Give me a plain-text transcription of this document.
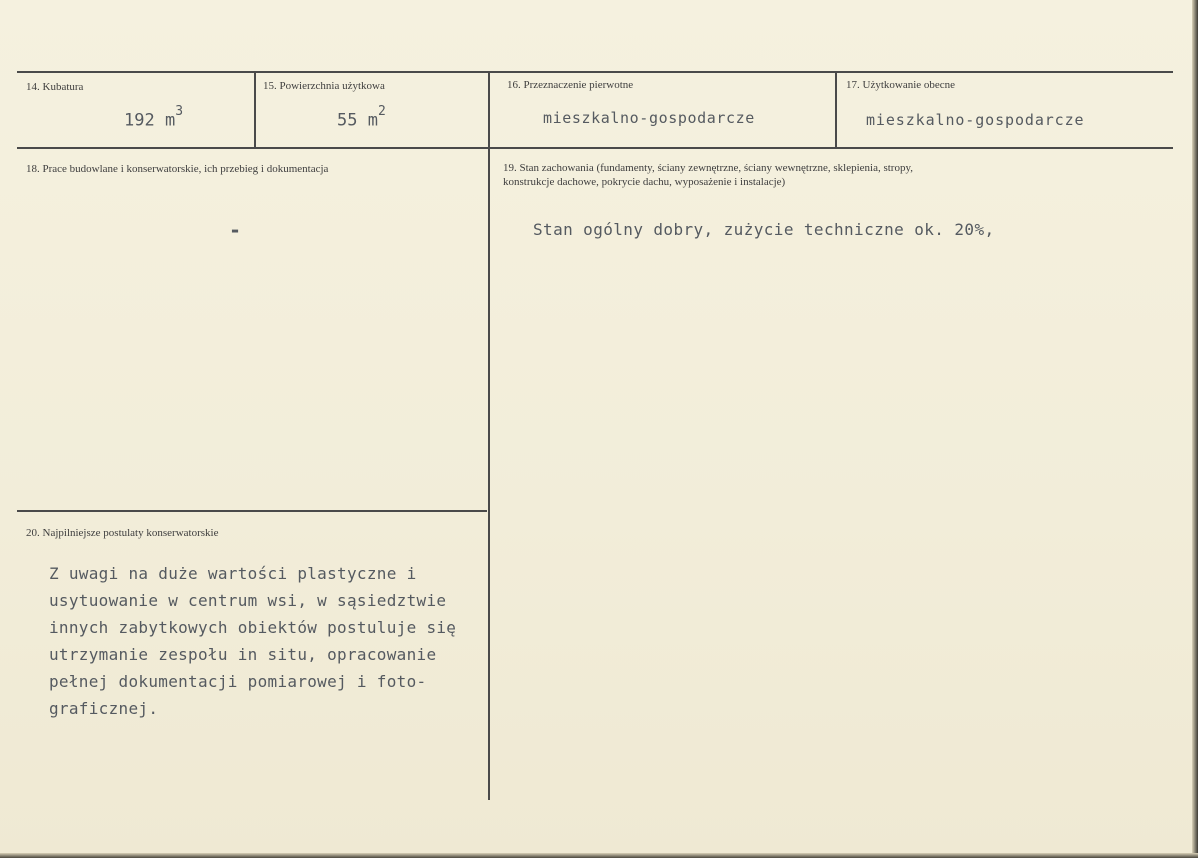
14. Kubatura
192 $m^3$
15. Powierzchnia użytkowa
55 $m^2$
16. Przeznaczenie pierwotne
mieszkalno-gospodarcze
17. Użytkowanie obecne
mieszkalno-gospodarcze
18. Prace budowlane i konserwatorskie, ich przebieg i dokumentacja
-
19. Stan zachowania (fundamenty, ściany zewnętrzne, ściany wewnętrzne, sklepienia, stropy,
konstrukcje dachowe, pokrycie dachu, wyposażenie i instalacje)
Stan ogólny dobry, zużycie techniczne ok. 20%,
20. Najpilniejsze postulaty konserwatorskie
Z uwagi na duże wartości plastyczne i
usytuowanie w centrum wsi, w sąsiedztwie
innych zabytkowych obiektów postuluje się
utrzymanie zespołu in situ, opracowanie
pełnej dokumentacji pomiarowej i foto-
graficznej.
